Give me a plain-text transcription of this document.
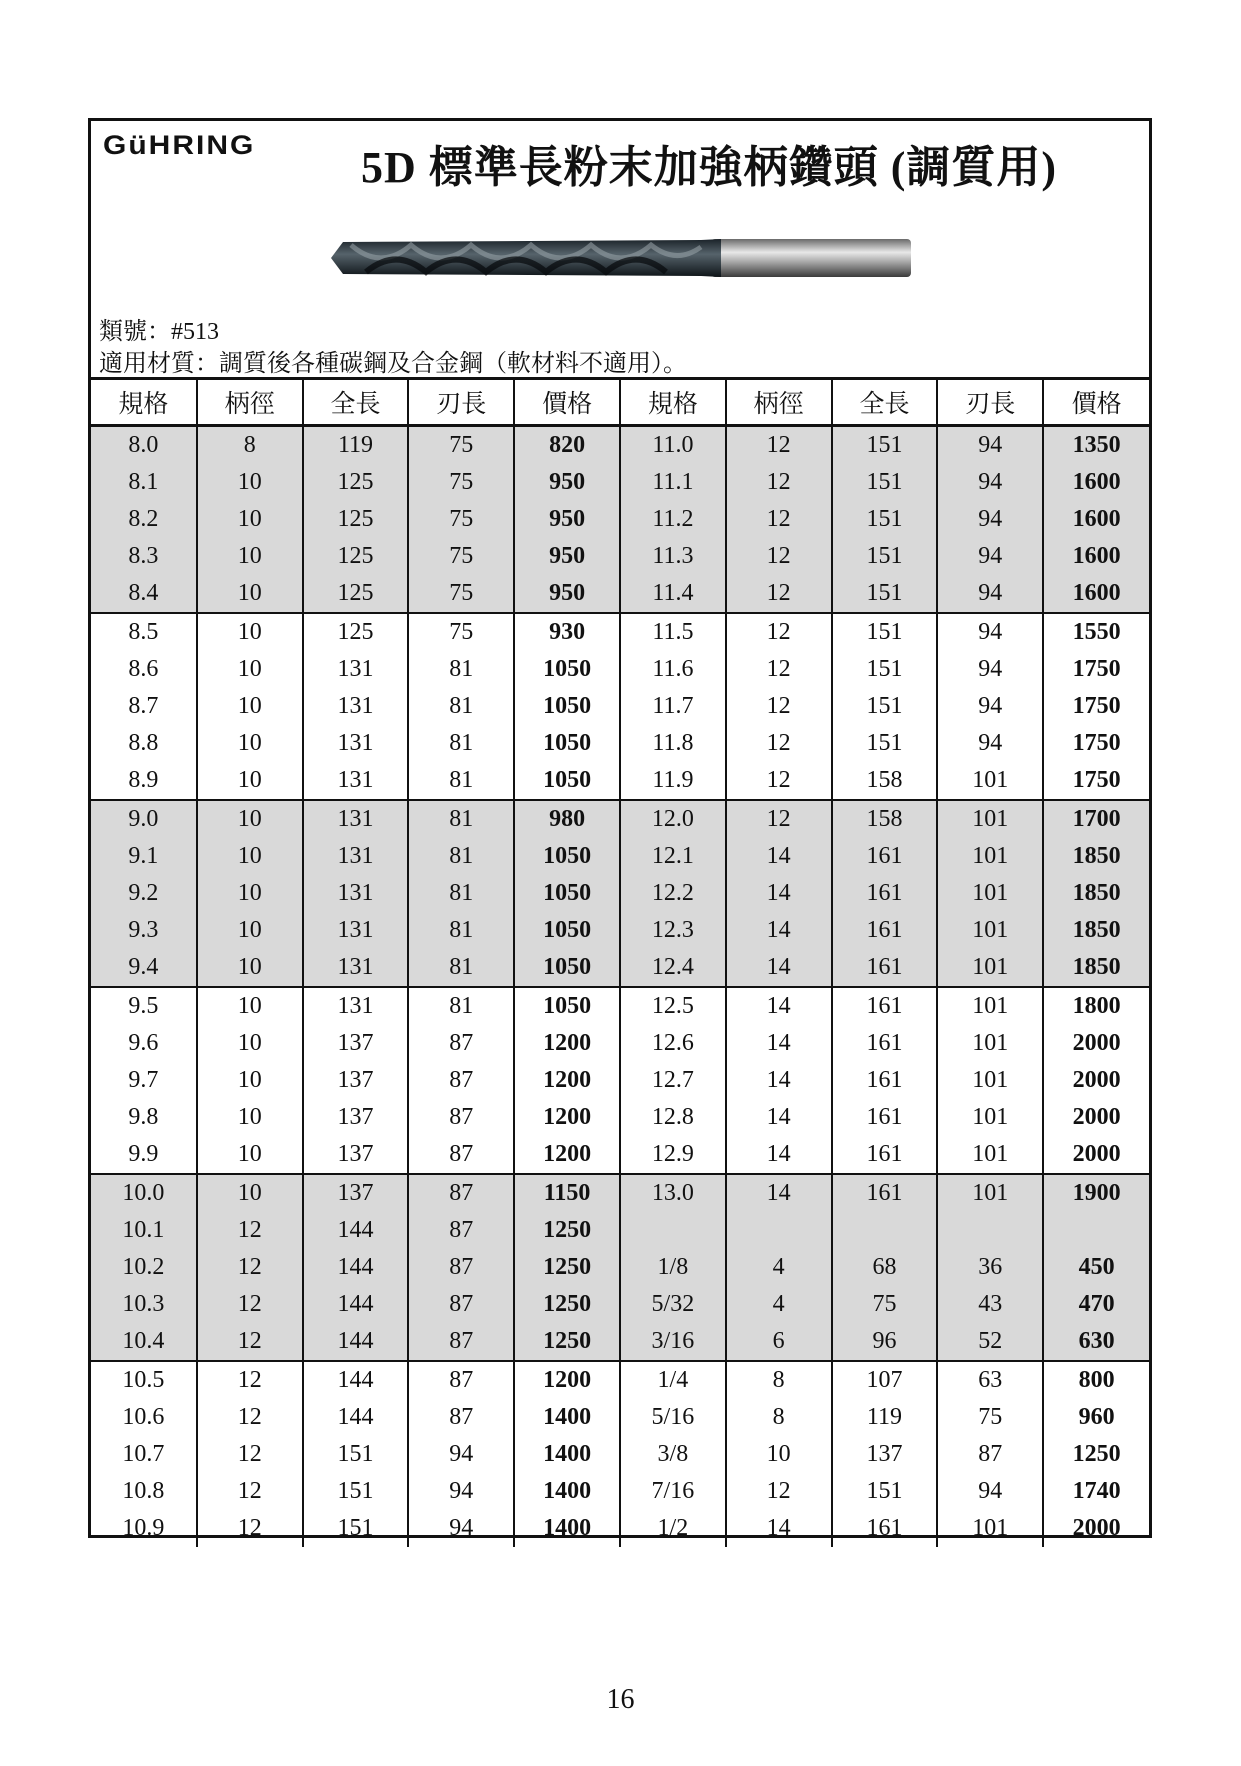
GüHRING 5D 標準長粉末加強柄鑽頭 (調質用)
類號：#513
適用材質：調質後各種碳鋼及合金鋼（軟材料不適用）。
規格	柄徑	全長	刃長	價格	規格	柄徑	全長	刃長	價格
8.0	8	119	75	820	11.0	12	151	94	1350
8.1	10	125	75	950	11.1	12	151	94	1600
8.2	10	125	75	950	11.2	12	151	94	1600
8.3	10	125	75	950	11.3	12	151	94	1600
8.4	10	125	75	950	11.4	12	151	94	1600
8.5	10	125	75	930	11.5	12	151	94	1550
8.6	10	131	81	1050	11.6	12	151	94	1750
8.7	10	131	81	1050	11.7	12	151	94	1750
8.8	10	131	81	1050	11.8	12	151	94	1750
8.9	10	131	81	1050	11.9	12	158	101	1750
9.0	10	131	81	980	12.0	12	158	101	1700
9.1	10	131	81	1050	12.1	14	161	101	1850
9.2	10	131	81	1050	12.2	14	161	101	1850
9.3	10	131	81	1050	12.3	14	161	101	1850
9.4	10	131	81	1050	12.4	14	161	101	1850
9.5	10	131	81	1050	12.5	14	161	101	1800
9.6	10	137	87	1200	12.6	14	161	101	2000
9.7	10	137	87	1200	12.7	14	161	101	2000
9.8	10	137	87	1200	12.8	14	161	101	2000
9.9	10	137	87	1200	12.9	14	161	101	2000
10.0	10	137	87	1150	13.0	14	161	101	1900
10.1	12	144	87	1250					
10.2	12	144	87	1250	1/8	4	68	36	450
10.3	12	144	87	1250	5/32	4	75	43	470
10.4	12	144	87	1250	3/16	6	96	52	630
10.5	12	144	87	1200	1/4	8	107	63	800
10.6	12	144	87	1400	5/16	8	119	75	960
10.7	12	151	94	1400	3/8	10	137	87	1250
10.8	12	151	94	1400	7/16	12	151	94	1740
10.9	12	151	94	1400	1/2	14	161	101	2000
16
